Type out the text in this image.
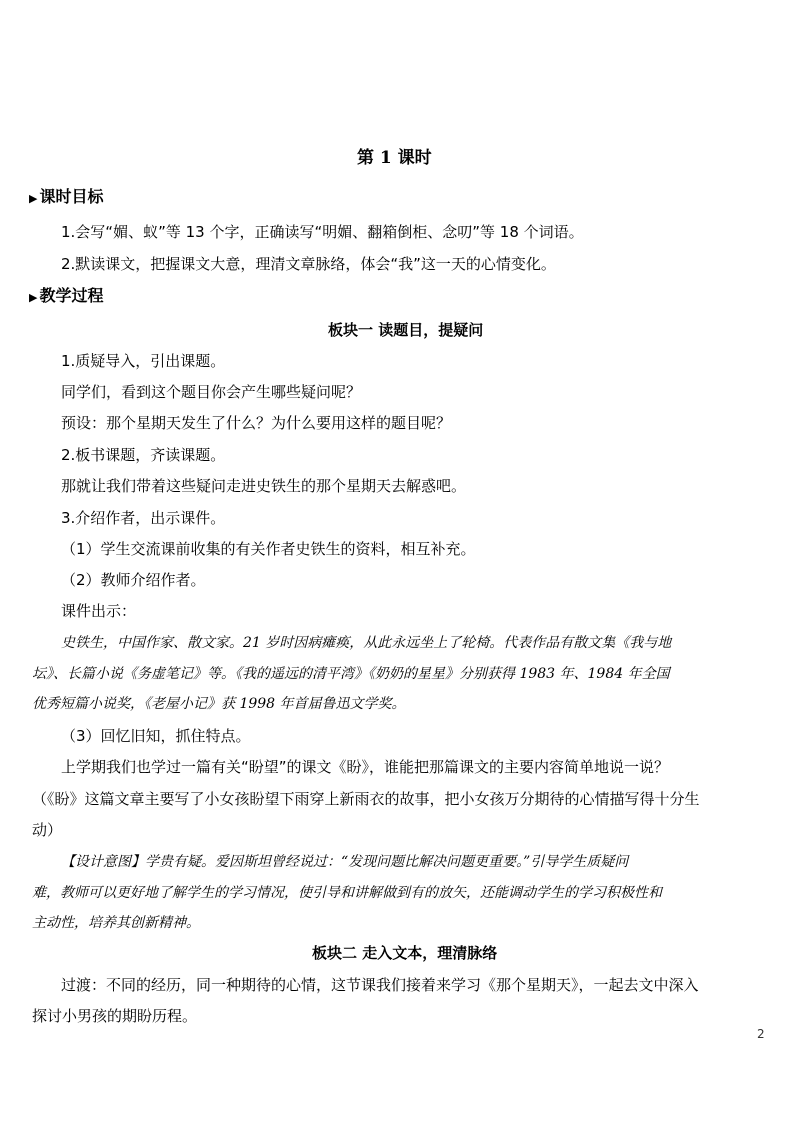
第 1 课时
▶ 课时目标
1.会写“媚、蚁”等 13 个字，正确读写“明媚、翻箱倒柜、念叨”等 18 个词语。
2.默读课文，把握课文大意，理清文章脉络，体会“我”这一天的心情变化。
▶ 教学过程
板块一 读题目，提疑问
1.质疑导入，引出课题。
同学们，看到这个题目你会产生哪些疑问呢？
预设：那个星期天发生了什么？为什么要用这样的题目呢？
2.板书课题，齐读课题。
那就让我们带着这些疑问走进史铁生的那个星期天去解惑吧。
3.介绍作者，出示课件。
（1）学生交流课前收集的有关作者史铁生的资料，相互补充。
（2）教师介绍作者。
课件出示：
史铁生，中国作家、散文家。21 岁时因病瘫痪，从此永远坐上了轮椅。代表作品有散文集《我与地
坛》、长篇小说《务虚笔记》等。《我的遥远的清平湾》《奶奶的星星》分别获得 1983 年、1984 年全国
优秀短篇小说奖，《老屋小记》获 1998 年首届鲁迅文学奖。
（3）回忆旧知，抓住特点。
上学期我们也学过一篇有关“盼望”的课文《盼》，谁能把那篇课文的主要内容简单地说一说？
（《盼》这篇文章主要写了小女孩盼望下雨穿上新雨衣的故事，把小女孩万分期待的心情描写得十分生
动）
【设计意图】学贵有疑。爱因斯坦曾经说过：“发现问题比解决问题更重要。”引导学生质疑问
难，教师可以更好地了解学生的学习情况，使引导和讲解做到有的放矢，还能调动学生的学习积极性和
主动性，培养其创新精神。
板块二 走入文本，理清脉络
过渡：不同的经历，同一种期待的心情，这节课我们接着来学习《那个星期天》，一起去文中深入
探讨小男孩的期盼历程。
2
